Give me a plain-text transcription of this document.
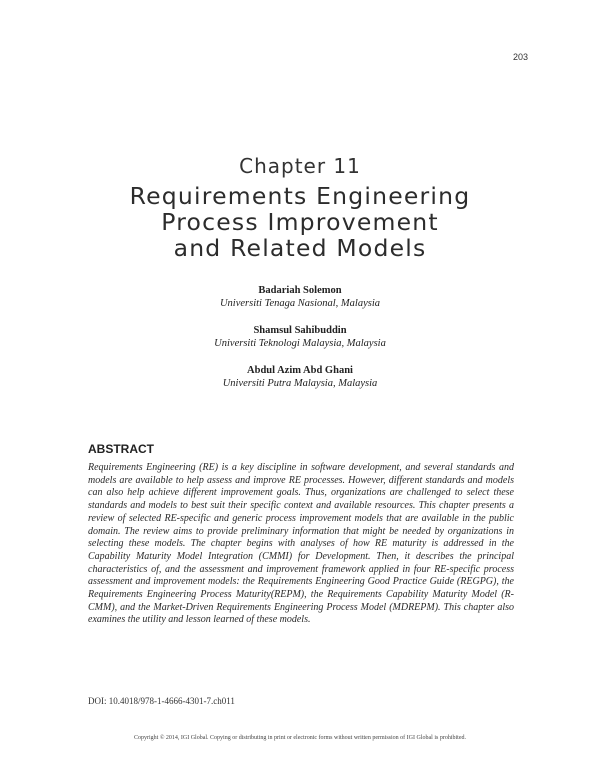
203
Chapter 11
Requirements Engineering
Process Improvement
and Related Models
Badariah Solemon
Universiti Tenaga Nasional, Malaysia
Shamsul Sahibuddin
Universiti Teknologi Malaysia, Malaysia
Abdul Azim Abd Ghani
Universiti Putra Malaysia, Malaysia
ABSTRACT
Requirements Engineering (RE) is a key discipline in software development, and several standards and models are available to help assess and improve RE processes. However, different standards and models can also help achieve different improvement goals. Thus, organizations are challenged to select these standards and models to best suit their specific context and available resources. This chapter presents a review of selected RE-specific and generic process improvement models that are available in the public domain. The review aims to provide preliminary information that might be needed by organizations in selecting these models. The chapter begins with analyses of how RE maturity is addressed in the Capability Maturity Model Integration (CMMI) for Development. Then, it describes the principal characteristics of, and the assessment and improvement framework applied in four RE-specific process assessment and improvement models: the Requirements Engineering Good Practice Guide (REGPG), the Requirements Engineering Process Maturity(REPM), the Requirements Capability Maturity Model (R-CMM), and the Market-Driven Requirements Engineering Process Model (MDREPM). This chapter also examines the utility and lesson learned of these models.
DOI: 10.4018/978-1-4666-4301-7.ch011
Copyright © 2014, IGI Global. Copying or distributing in print or electronic forms without written permission of IGI Global is prohibited.
